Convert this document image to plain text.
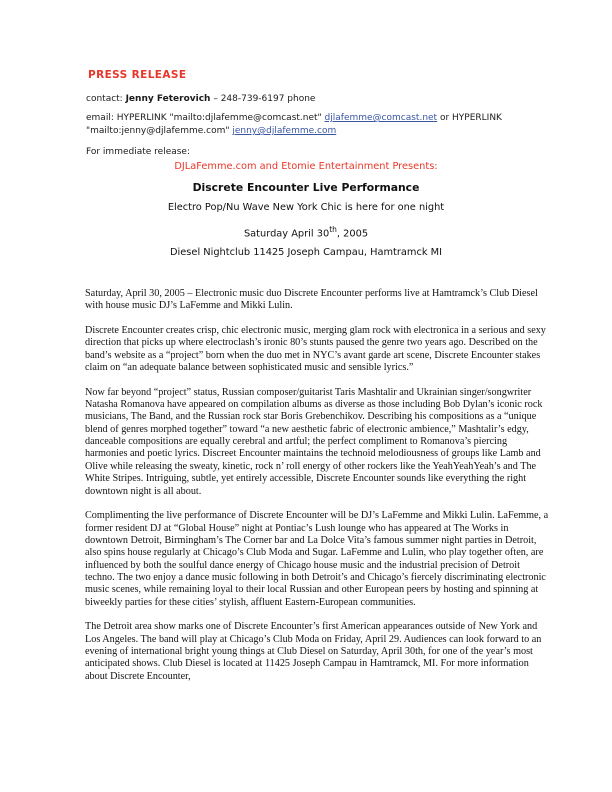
PRESS RELEASE
contact: Jenny Feterovich – 248-739-6197 phone
email: HYPERLINK "mailto:djlafemme@comcast.net" djlafemme@comcast.net or HYPERLINK
"mailto:jenny@djlafemme.com" jenny@djlafemme.com
For immediate release:
DJLaFemme.com and Etomie Entertainment Presents:
Discrete Encounter Live Performance
Electro Pop/Nu Wave New York Chic is here for one night
Saturday April 30th, 2005
Diesel Nightclub 11425 Joseph Campau, Hamtramck MI

Saturday, April 30, 2005 – Electronic music duo Discrete Encounter performs live at Hamtramck’s Club Diesel with house music DJ’s LaFemme and Mikki Lulin.

Discrete Encounter creates crisp, chic electronic music, merging glam rock with electronica in a serious and sexy direction that picks up where electroclash’s ironic 80’s stunts paused the genre two years ago. Described on the band’s website as a “project” born when the duo met in NYC’s avant garde art scene, Discrete Encounter stakes claim on “an adequate balance between sophisticated music and sensible lyrics.”

Now far beyond “project” status, Russian composer/guitarist Taris Mashtalir and Ukrainian singer/songwriter Natasha Romanova have appeared on compilation albums as diverse as those including Bob Dylan’s iconic rock musicians, The Band, and the Russian rock star Boris Grebenchikov. Describing his compositions as a “unique blend of genres morphed together” toward “a new aesthetic fabric of electronic ambience,” Mashtalir’s edgy, danceable compositions are equally cerebral and artful; the perfect compliment to Romanova’s piercing harmonies and poetic lyrics. Discreet Encounter maintains the technoid melodiousness of groups like Lamb and Olive while releasing the sweaty, kinetic, rock n’ roll energy of other rockers like the YeahYeahYeah’s and The White Stripes. Intriguing, subtle, yet entirely accessible, Discrete Encounter sounds like everything the right downtown night is all about.

Complimenting the live performance of Discrete Encounter will be DJ’s LaFemme and Mikki Lulin. LaFemme, a former resident DJ at “Global House” night at Pontiac’s Lush lounge who has appeared at The Works in downtown Detroit, Birmingham’s The Corner bar and La Dolce Vita’s famous summer night parties in Detroit, also spins house regularly at Chicago’s Club Moda and Sugar. LaFemme and Lulin, who play together often, are influenced by both the soulful dance energy of Chicago house music and the industrial precision of Detroit techno. The two enjoy a dance music following in both Detroit’s and Chicago’s fiercely discriminating electronic music scenes, while remaining loyal to their local Russian and other European peers by hosting and spinning at biweekly parties for these cities’ stylish, affluent Eastern-European communities.

The Detroit area show marks one of Discrete Encounter’s first American appearances outside of New York and Los Angeles. The band will play at Chicago’s Club Moda on Friday, April 29. Audiences can look forward to an evening of international bright young things at Club Diesel on Saturday, April 30th, for one of the year’s most anticipated shows. Club Diesel is located at 11425 Joseph Campau in Hamtramck, MI. For more information about Discrete Encounter,
